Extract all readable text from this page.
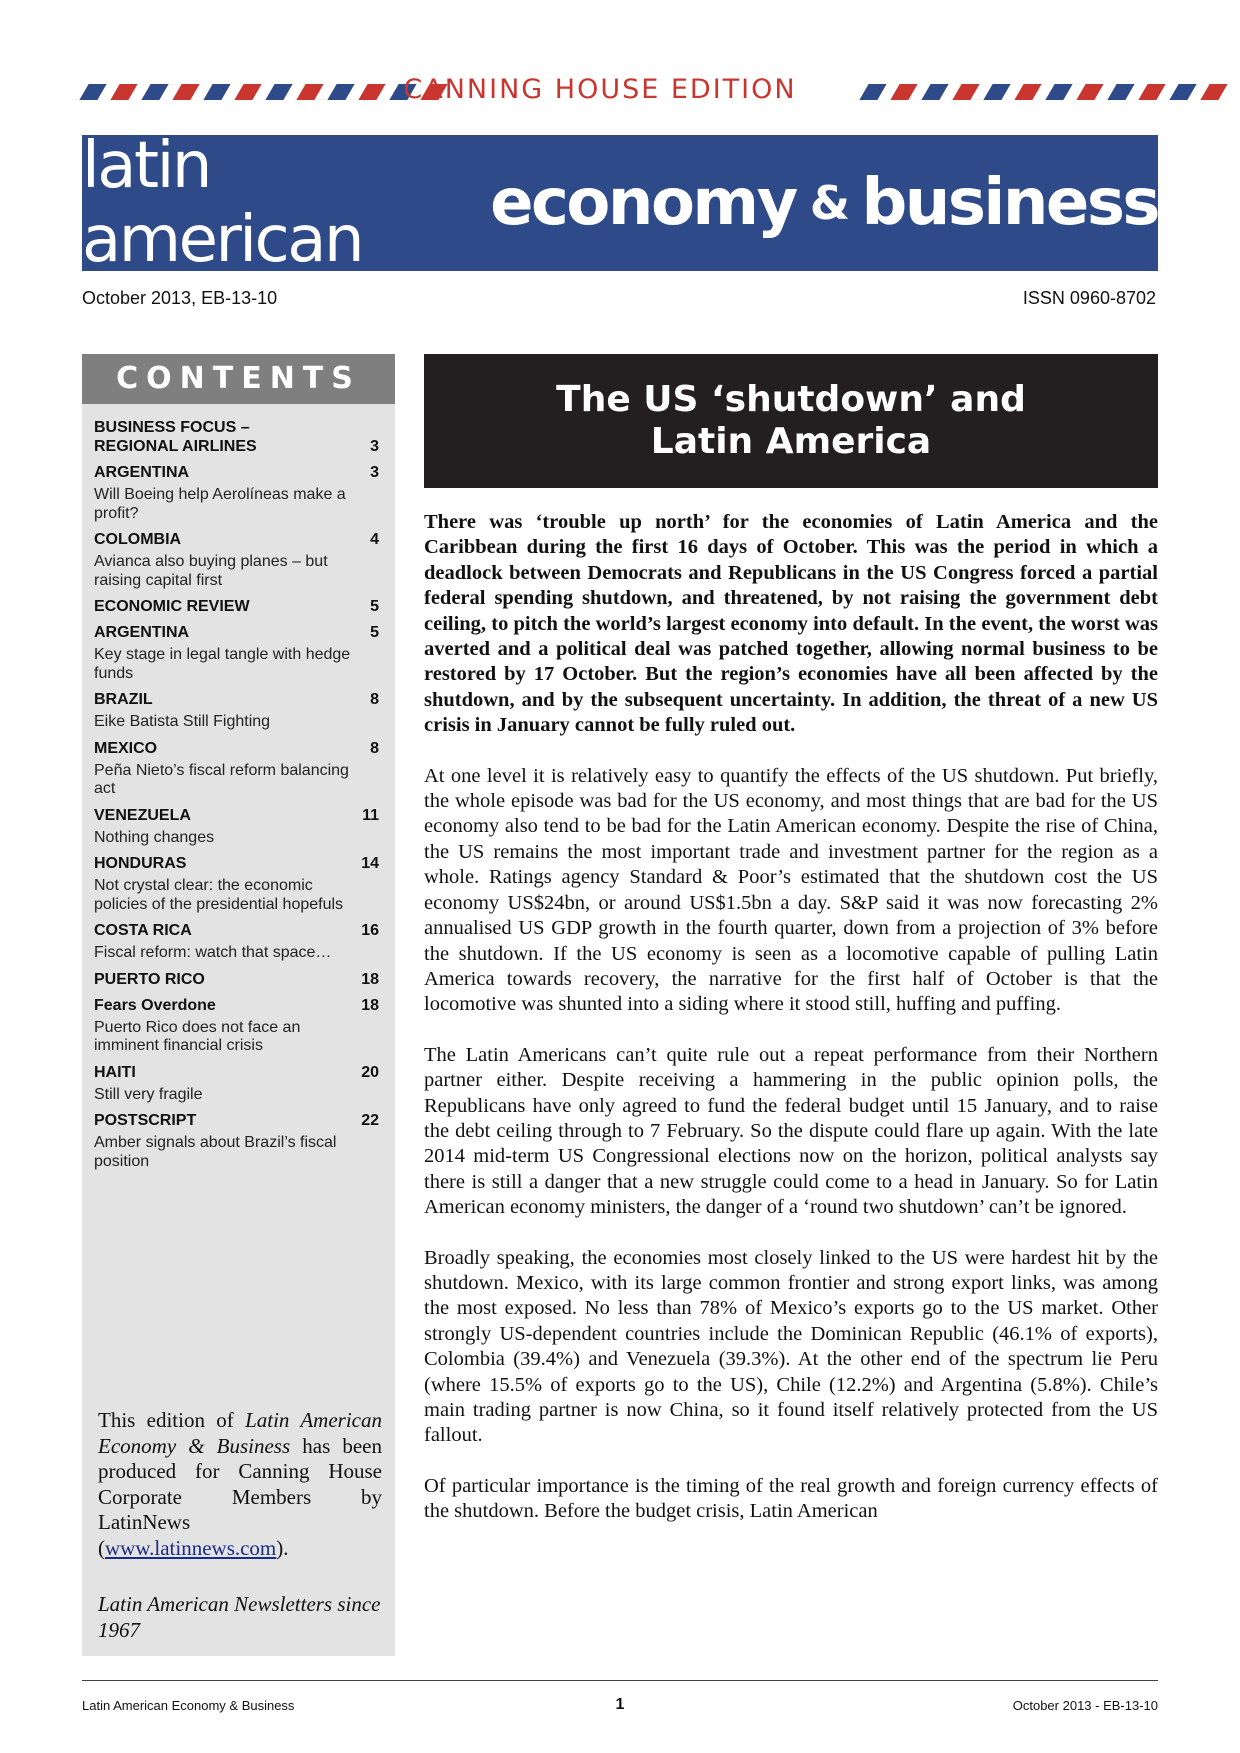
CANNING HOUSE EDITION
latin american	economy & business
October 2013, EB-13-10	ISSN 0960-8702
CONTENTS
BUSINESS FOCUS – REGIONAL AIRLINES	3
ARGENTINA	3
Will Boeing help Aerolíneas make a profit?
COLOMBIA	4
Avianca also buying planes – but raising capital first
ECONOMIC REVIEW	5
ARGENTINA	5
Key stage in legal tangle with hedge funds
BRAZIL	8
Eike Batista Still Fighting
MEXICO	8
Peña Nieto’s fiscal reform balancing act
VENEZUELA	11
Nothing changes
HONDURAS	14
Not crystal clear: the economic policies of the presidential hopefuls
COSTA RICA	16
Fiscal reform: watch that space…
PUERTO RICO	18
Fears Overdone	18
Puerto Rico does not face an imminent financial crisis
HAITI	20
Still very fragile
POSTSCRIPT	22
Amber signals about Brazil’s fiscal position
This edition of Latin American Economy & Business has been produced for Canning House Corporate Members by LatinNews (www.latinnews.com).
Latin American Newsletters since 1967
The US ‘shutdown’ and
Latin America

There was ‘trouble up north’ for the economies of Latin America and the Caribbean during the first 16 days of October. This was the period in which a deadlock between Democrats and Republicans in the US Congress forced a partial federal spending shutdown, and threatened, by not raising the government debt ceiling, to pitch the world’s largest economy into default. In the event, the worst was averted and a political deal was patched together, allowing normal business to be restored by 17 October. But the region’s economies have all been affected by the shutdown, and by the subsequent uncertainty. In addition, the threat of a new US crisis in January cannot be fully ruled out.

At one level it is relatively easy to quantify the effects of the US shutdown. Put briefly, the whole episode was bad for the US economy, and most things that are bad for the US economy also tend to be bad for the Latin American economy. Despite the rise of China, the US remains the most important trade and investment partner for the region as a whole. Ratings agency Standard & Poor’s estimated that the shutdown cost the US economy US$24bn, or around US$1.5bn a day. S&P said it was now forecasting 2% annualised US GDP growth in the fourth quarter, down from a projection of 3% before the shutdown. If the US economy is seen as a locomotive capable of pulling Latin America towards recovery, the narrative for the first half of October is that the locomotive was shunted into a siding where it stood still, huffing and puffing.

The Latin Americans can’t quite rule out a repeat performance from their Northern partner either. Despite receiving a hammering in the public opinion polls, the Republicans have only agreed to fund the federal budget until 15 January, and to raise the debt ceiling through to 7 February. So the dispute could flare up again. With the late 2014 mid-term US Congressional elections now on the horizon, political analysts say there is still a danger that a new struggle could come to a head in January. So for Latin American economy ministers, the danger of a ‘round two shutdown’ can’t be ignored.

Broadly speaking, the economies most closely linked to the US were hardest hit by the shutdown. Mexico, with its large common frontier and strong export links, was among the most exposed. No less than 78% of Mexico’s exports go to the US market. Other strongly US-dependent countries include the Dominican Republic (46.1% of exports), Colombia (39.4%) and Venezuela (39.3%). At the other end of the spectrum lie Peru (where 15.5% of exports go to the US), Chile (12.2%) and Argentina (5.8%). Chile’s main trading partner is now China, so it found itself relatively protected from the US fallout.

Of particular importance is the timing of the real growth and foreign currency effects of the shutdown. Before the budget crisis, Latin American

Latin American Economy & Business	1	October 2013 - EB-13-10
